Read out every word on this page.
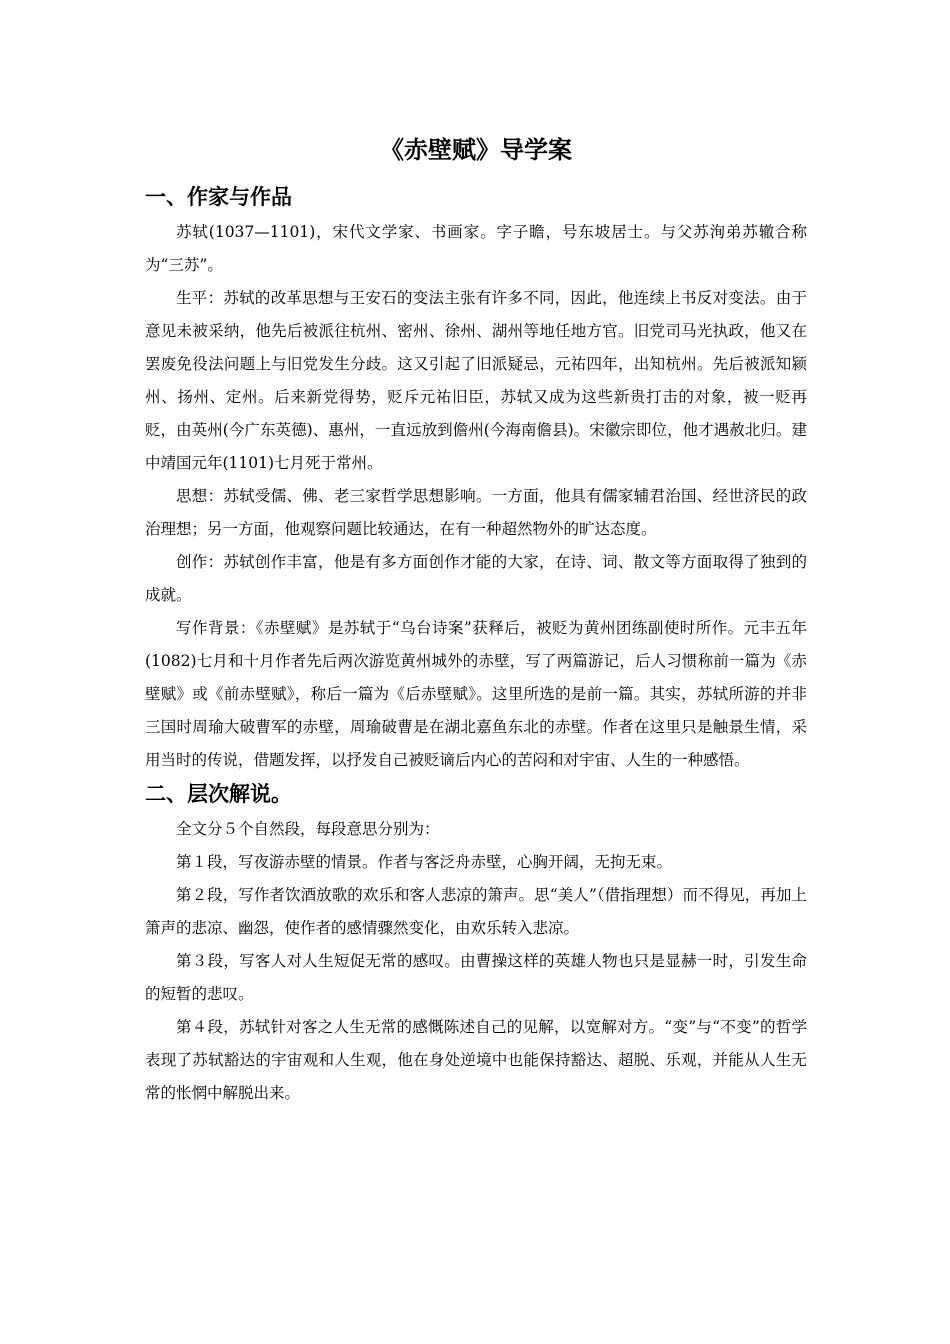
《赤壁赋》导学案
一、作家与作品

苏轼(1037—1101)，宋代文学家、书画家。字子瞻，号东坡居士。与父苏洵弟苏辙合称为“三苏”。

生平：苏轼的改革思想与王安石的变法主张有许多不同，因此，他连续上书反对变法。由于意见未被采纳，他先后被派往杭州、密州、徐州、湖州等地任地方官。旧党司马光执政，他又在罢废免役法问题上与旧党发生分歧。这又引起了旧派疑忌，元祐四年，出知杭州。先后被派知颍州、扬州、定州。后来新党得势，贬斥元祐旧臣，苏轼又成为这些新贵打击的对象，被一贬再贬，由英州(今广东英德)、惠州，一直远放到儋州(今海南儋县)。宋徽宗即位，他才遇赦北归。建中靖国元年(1101)七月死于常州。

思想：苏轼受儒、佛、老三家哲学思想影响。一方面，他具有儒家辅君治国、经世济民的政治理想；另一方面，他观察问题比较通达，在有一种超然物外的旷达态度。

创作：苏轼创作丰富，他是有多方面创作才能的大家，在诗、词、散文等方面取得了独到的成就。

写作背景：《赤壁赋》是苏轼于“乌台诗案”获释后，被贬为黄州团练副使时所作。元丰五年(1082)七月和十月作者先后两次游览黄州城外的赤壁，写了两篇游记，后人习惯称前一篇为《赤壁赋》或《前赤壁赋》，称后一篇为《后赤壁赋》。这里所选的是前一篇。其实，苏轼所游的并非三国时周瑜大破曹军的赤壁，周瑜破曹是在湖北嘉鱼东北的赤壁。作者在这里只是触景生情，采用当时的传说，借题发挥，以抒发自己被贬谪后内心的苦闷和对宇宙、人生的一种感悟。

二、层次解说。

全文分５个自然段，每段意思分别为：

第１段，写夜游赤壁的情景。作者与客泛舟赤壁，心胸开阔，无拘无束。

第２段，写作者饮酒放歌的欢乐和客人悲凉的箫声。思“美人”（借指理想）而不得见，再加上箫声的悲凉、幽怨，使作者的感情骤然变化，由欢乐转入悲凉。

第３段，写客人对人生短促无常的感叹。由曹操这样的英雄人物也只是显赫一时，引发生命的短暂的悲叹。

第４段，苏轼针对客之人生无常的感慨陈述自己的见解，以宽解对方。“变”与“不变”的哲学表现了苏轼豁达的宇宙观和人生观，他在身处逆境中也能保持豁达、超脱、乐观，并能从人生无常的怅惘中解脱出来。
